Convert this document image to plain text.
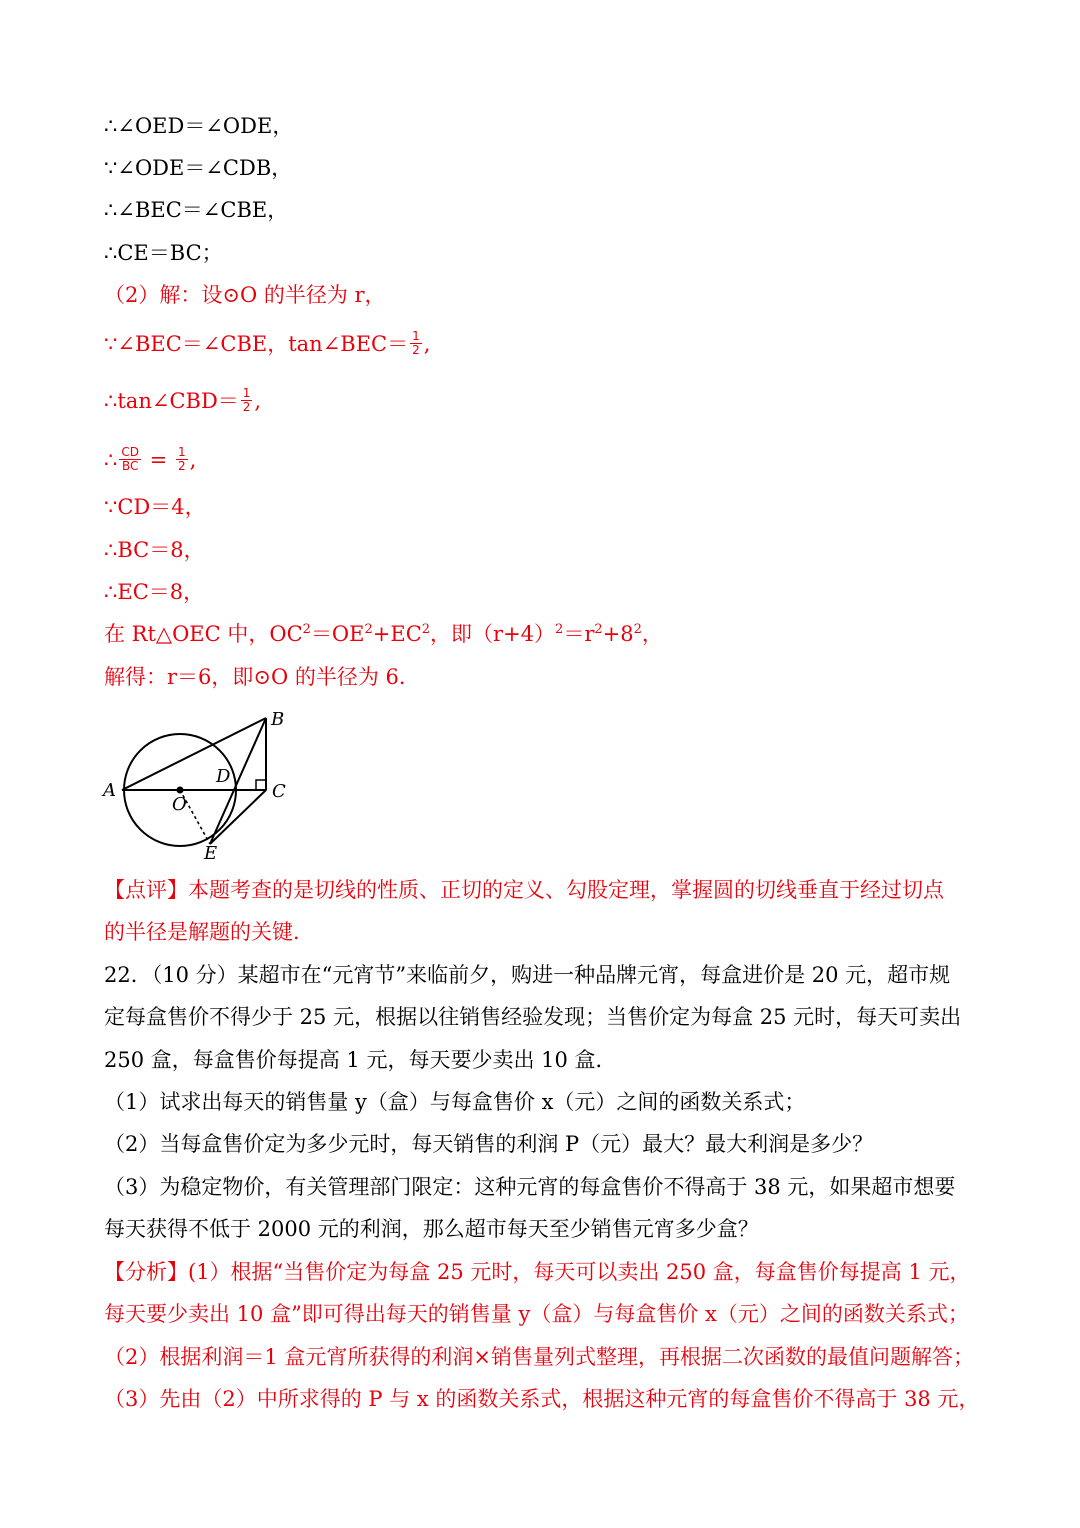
∴∠OED＝∠ODE，
∵∠ODE＝∠CDB，
∴∠BEC＝∠CBE，
∴CE＝BC；
（2）解：设⊙O 的半径为 r，
∵∠BEC＝∠CBE，tan∠BEC＝ $\frac{1}{2}$ ,
∴tan∠CBD＝ $\frac{1}{2}$ ,
∴ $\frac{CD}{BC} = \frac{1}{2}$ ,
∵CD＝4，
∴BC＝8，
∴EC＝8，
在 Rt△OEC 中，$OC^2=OE^2+EC^2$，即$(r+4)^2=r^2+8^2$，
解得：r＝6，即⊙O 的半径为 6．
A
B
C
D
O
E
【点评】本题考查的是切线的性质、正切的定义、勾股定理，掌握圆的切线垂直于经过切点
的半径是解题的关键．
22．（10 分）某超市在“元宵节”来临前夕，购进一种品牌元宵，每盒进价是 20 元，超市规
定每盒售价不得少于 25 元，根据以往销售经验发现；当售价定为每盒 25 元时，每天可卖出
250 盒，每盒售价每提高 1 元，每天要少卖出 10 盒．
（1）试求出每天的销售量 y（盒）与每盒售价 x（元）之间的函数关系式；
（2）当每盒售价定为多少元时，每天销售的利润 P（元）最大？最大利润是多少？
（3）为稳定物价，有关管理部门限定：这种元宵的每盒售价不得高于 38 元，如果超市想要
每天获得不低于 2000 元的利润，那么超市每天至少销售元宵多少盒？
【分析】(1）根据“当售价定为每盒 25 元时，每天可以卖出 250 盒，每盒售价每提高 1 元，
每天要少卖出 10 盒”即可得出每天的销售量 y（盒）与每盒售价 x（元）之间的函数关系式；
（2）根据利润＝1 盒元宵所获得的利润×销售量列式整理，再根据二次函数的最值问题解答；
（3）先由（2）中所求得的 P 与 x 的函数关系式，根据这种元宵的每盒售价不得高于 38 元，
